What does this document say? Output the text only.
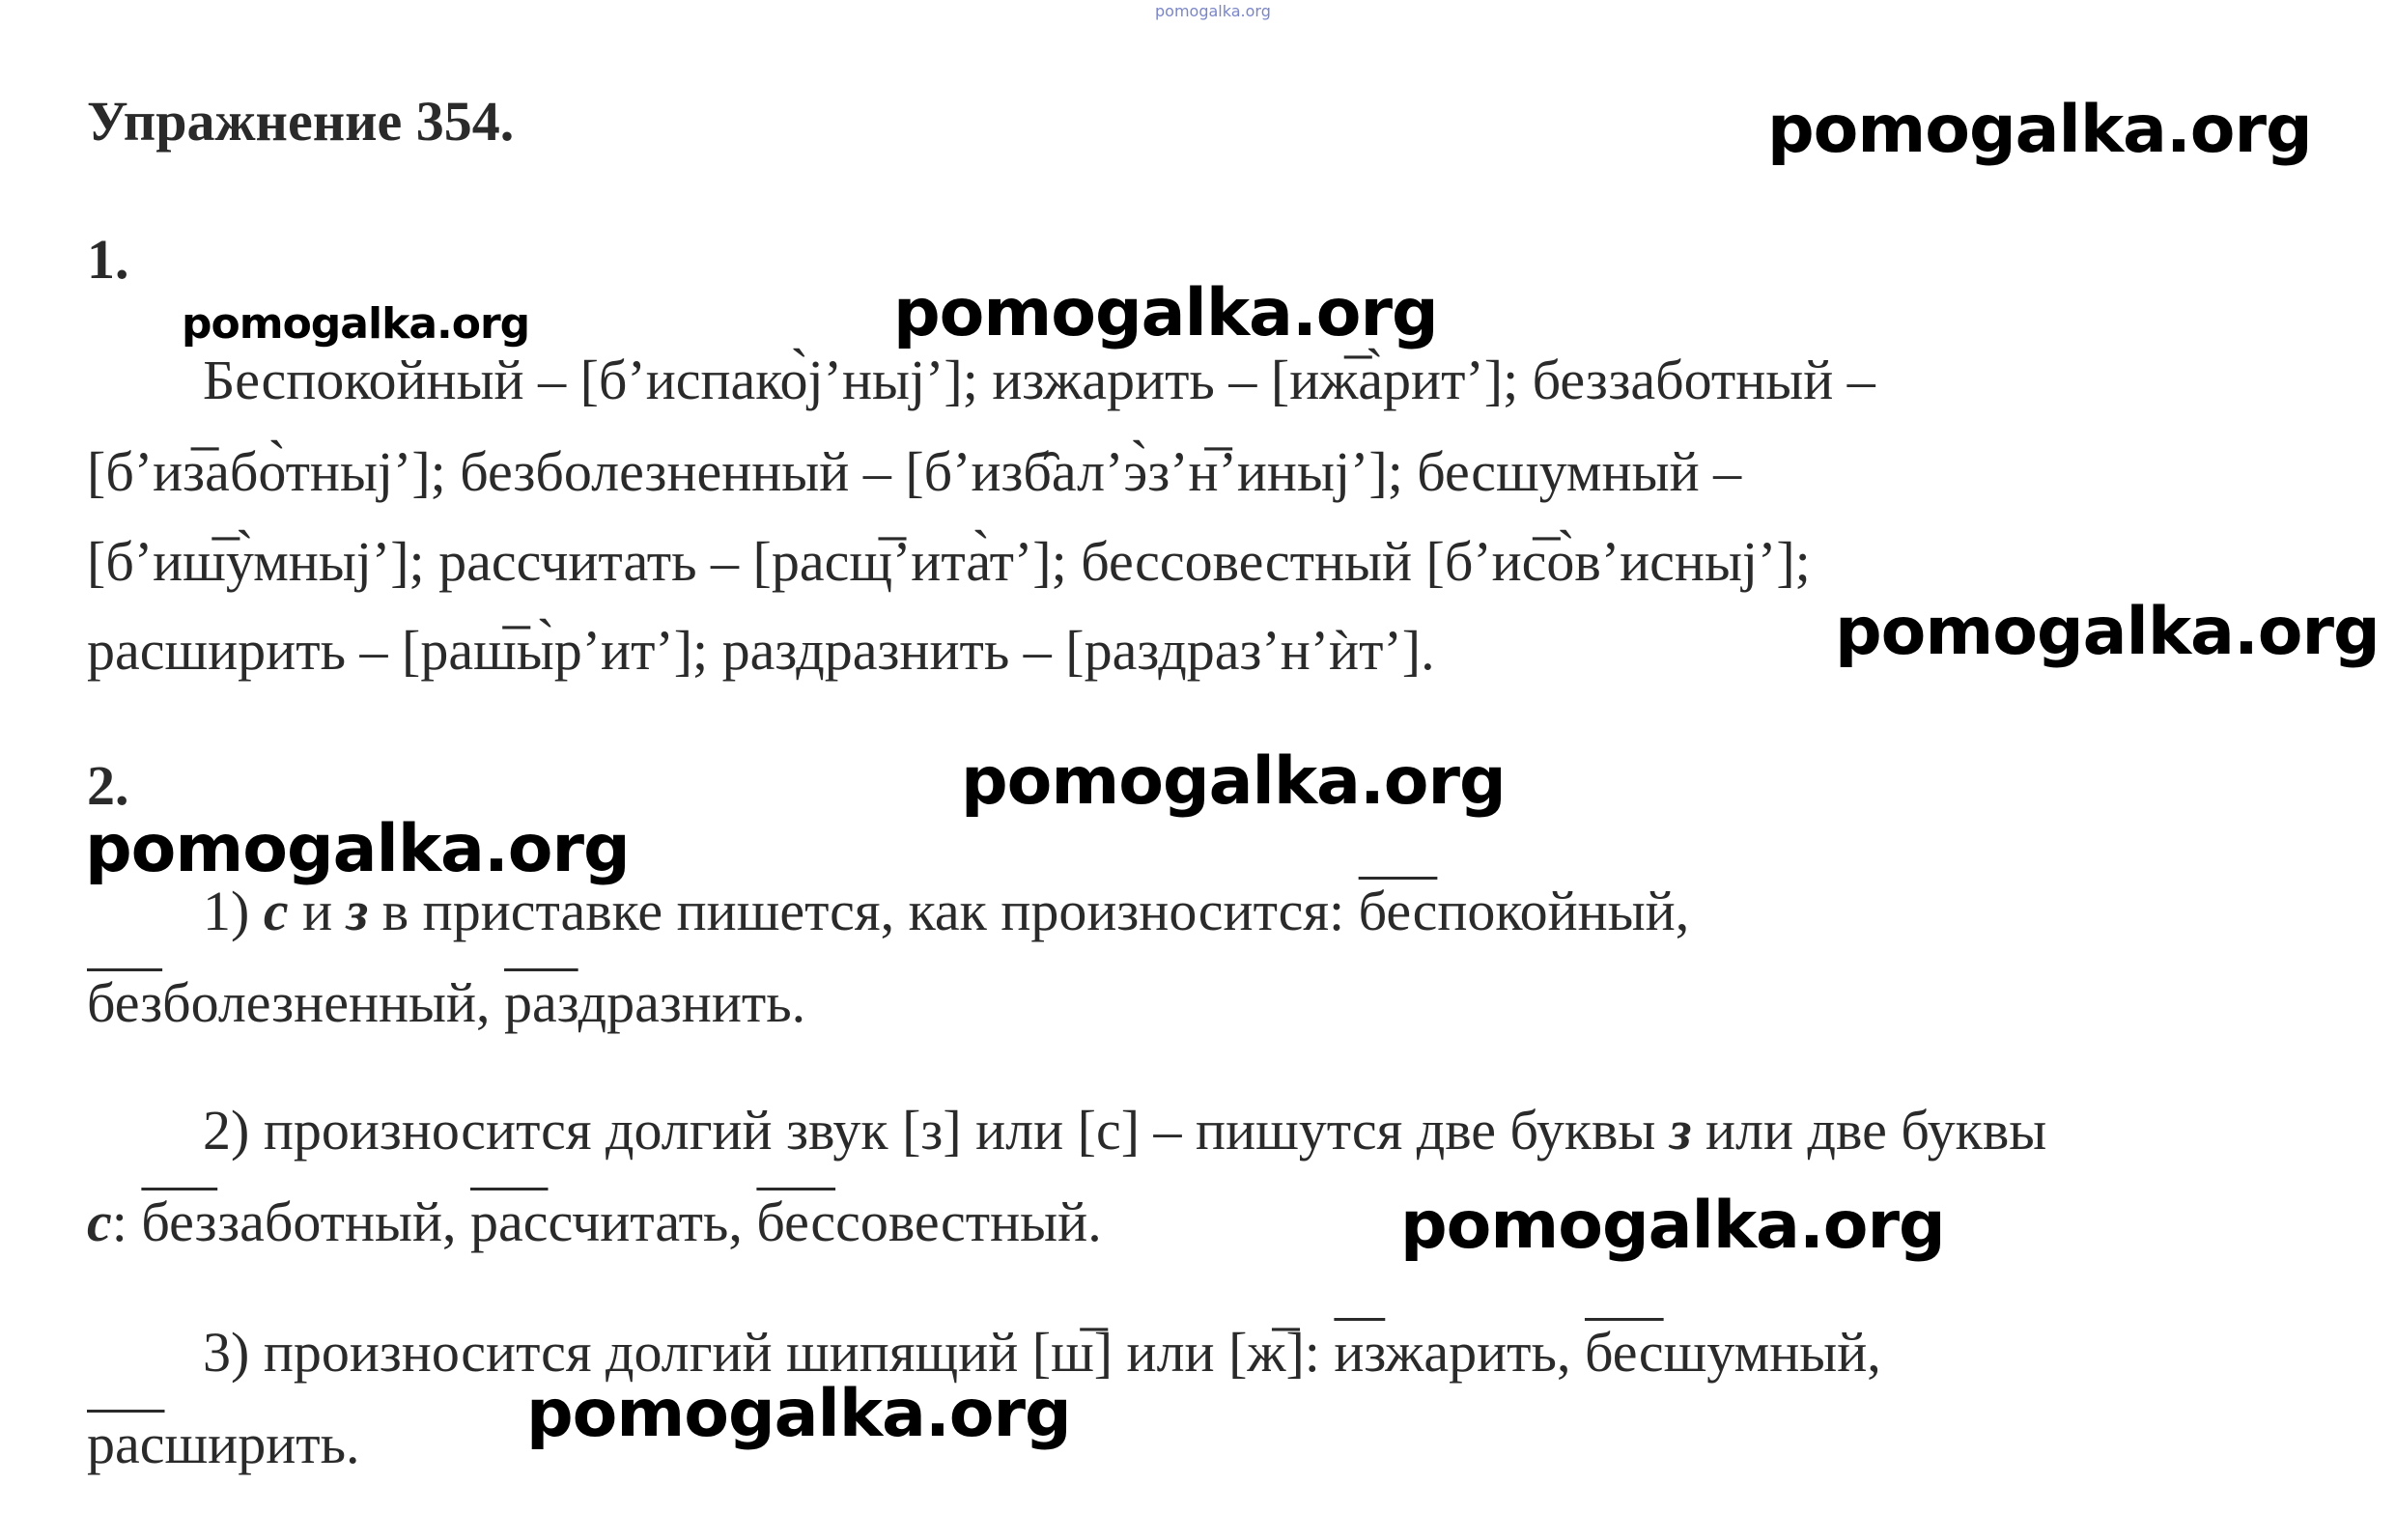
pomogalka.org
pomogalka.org
pomogalka.org	pomogalka.org
pomogalka.org
pomogalka.org
pomogalka.org
pomogalka.org
pomogalka.org
Упражнение 354.
1.
Беспокойный – [б’испако̀j’ныj’]; изжарить – [иж̅а̀рит’]; беззаботный –
[б’из̅або̀тныj’]; безболезненный – [б’изб̑ал’э̀з’н̅’иныj’]; бесшумный –
[б’иш̅у̀мныj’]; рассчитать – [расщ̅’ита̀т’]; бессовестный [б’ис̅о̀в’исныj’];
расширить – [раш̅ы̀р’ит’]; раздразнить – [раздраз’н’ѝт’].
2.
1) с и з в приставке пишется, как произносится: беспокойный,
безболезненный, раздразнить.
2) произносится долгий звук [з] или [с] – пишутся две буквы з или две буквы
с: беззаботный, рассчитать, бессовестный.
3) произносится долгий шипящий [ш̅] или [ж̅]: изжарить, бесшумный,
расширить.
